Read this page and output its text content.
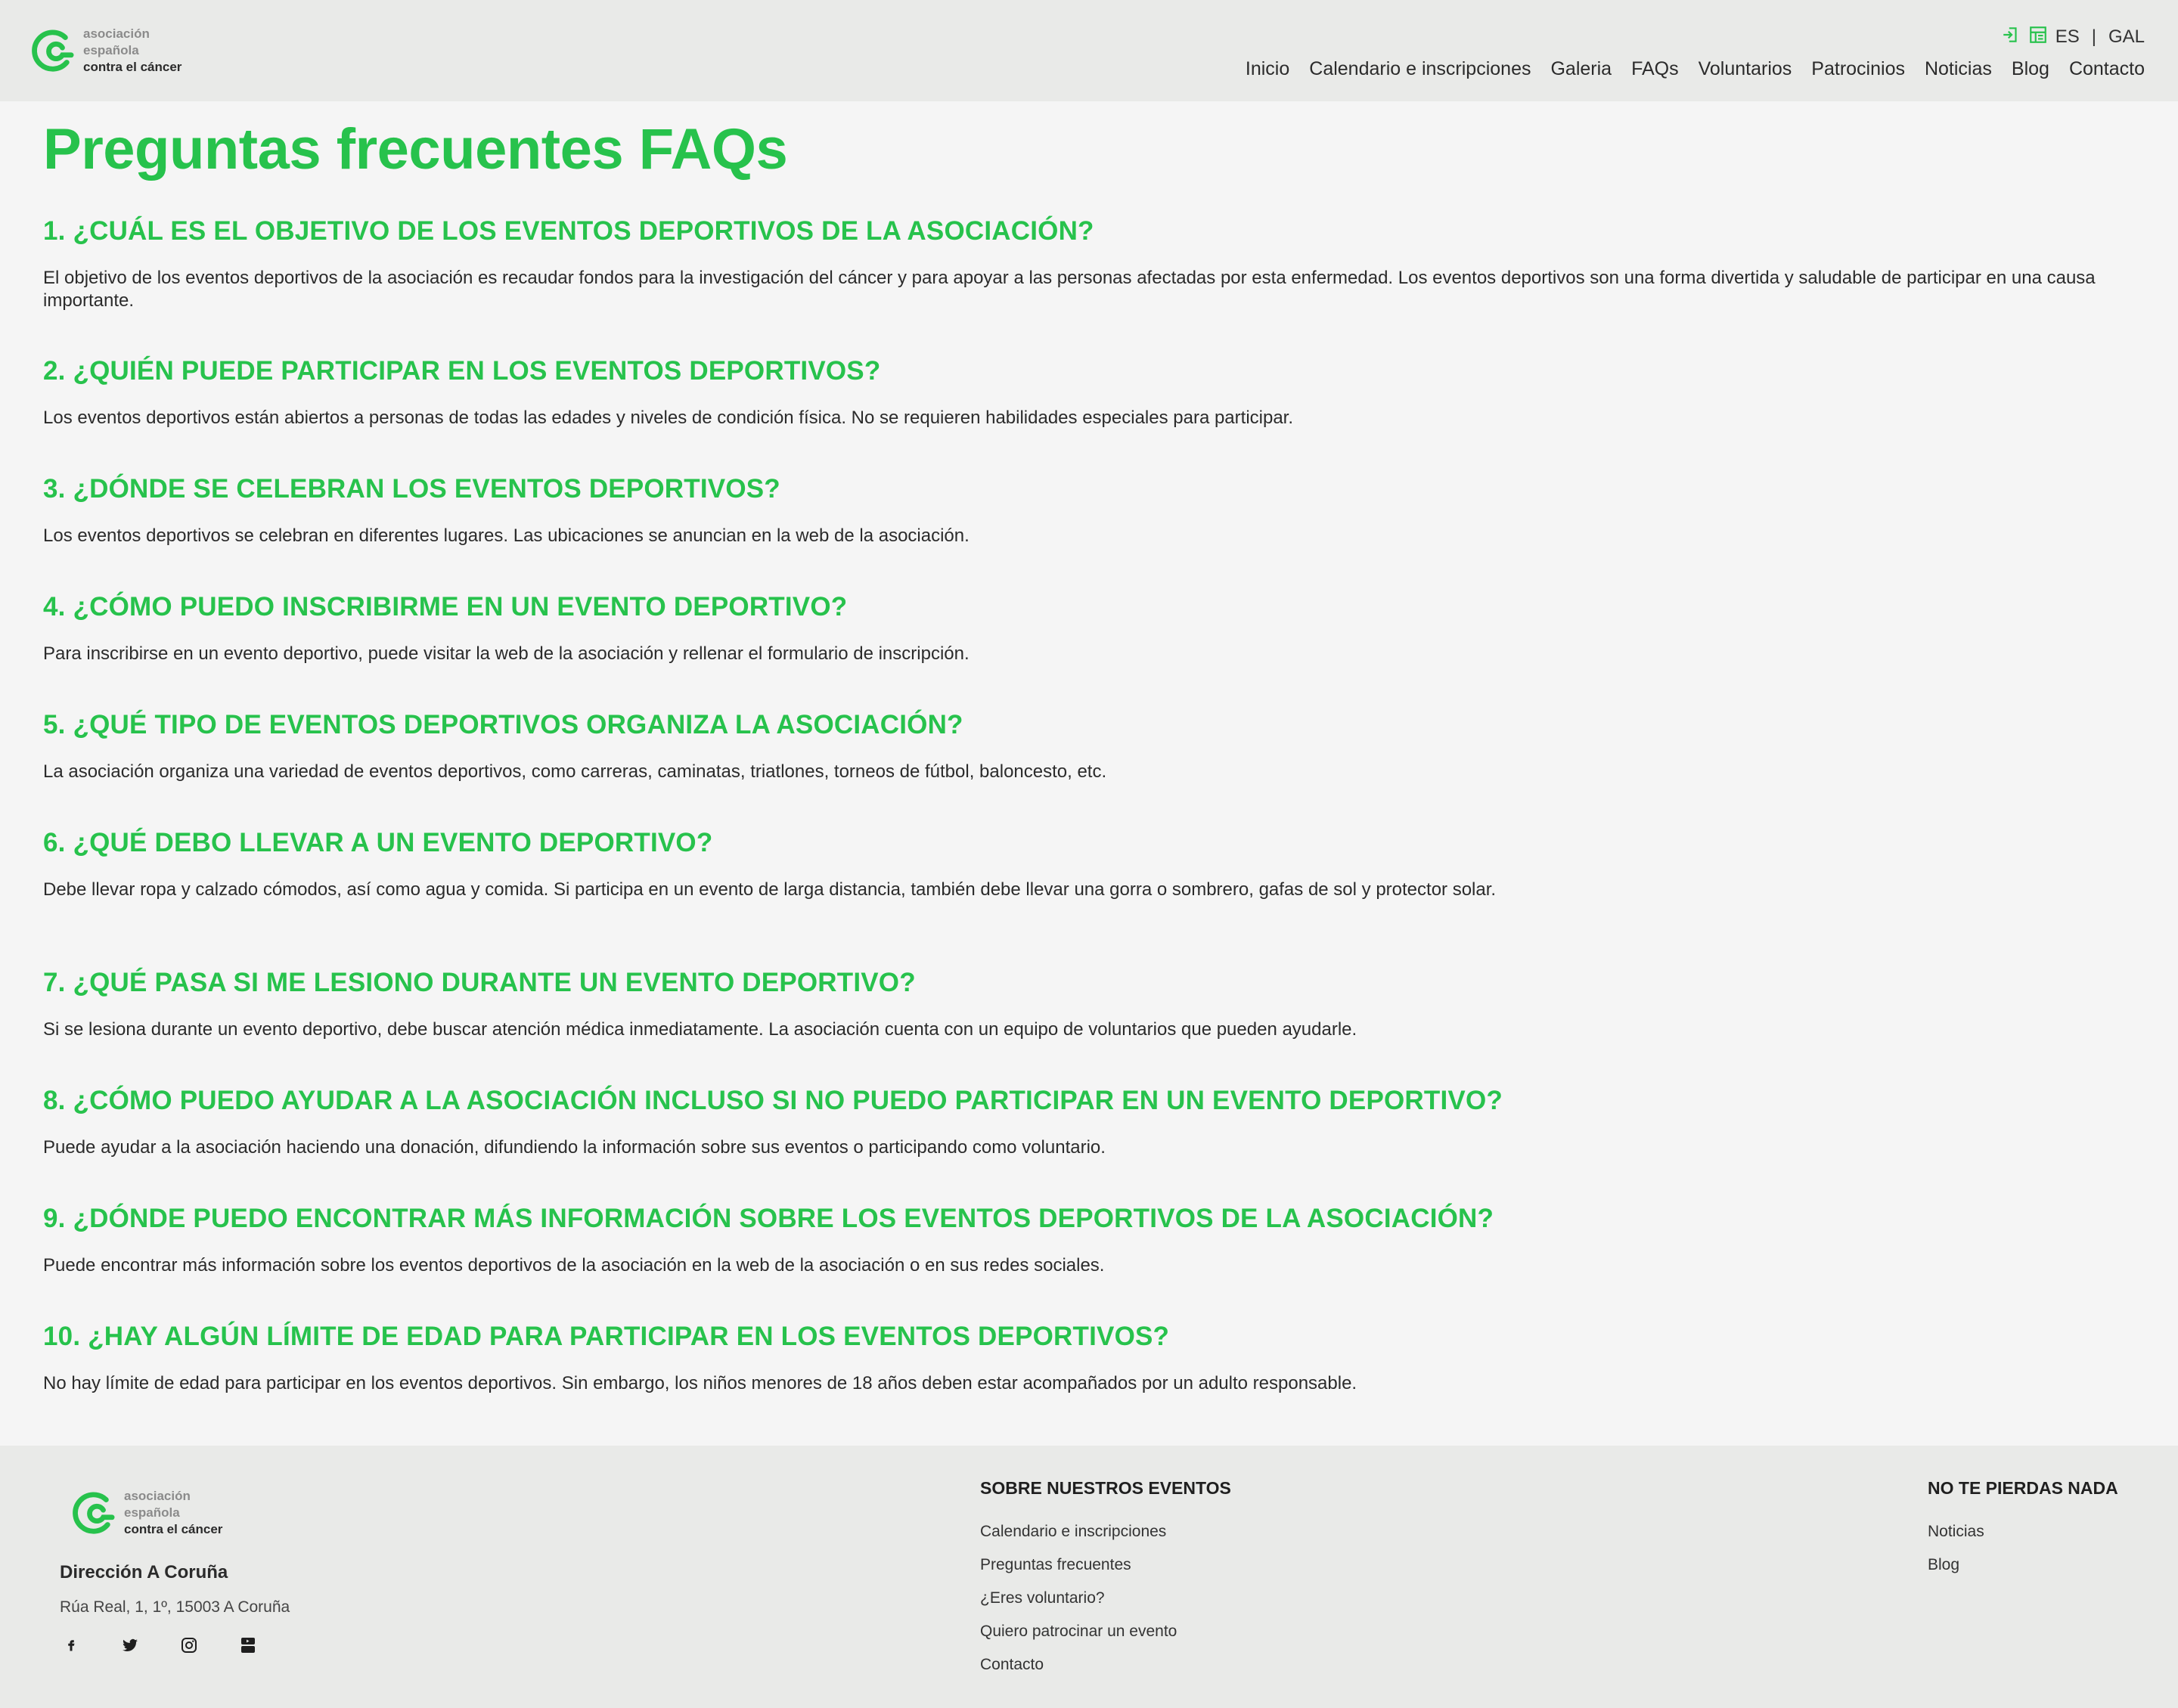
asociación
española
contra el cáncer
ES | GAL
Inicio Calendario e inscripciones Galeria FAQs Voluntarios Patrocinios Noticias Blog Contacto
Preguntas frecuentes FAQs
1. ¿CUÁL ES EL OBJETIVO DE LOS EVENTOS DEPORTIVOS DE LA ASOCIACIÓN?

El objetivo de los eventos deportivos de la asociación es recaudar fondos para la investigación del cáncer y para apoyar a las personas afectadas por esta enfermedad. Los eventos deportivos son una forma divertida y saludable de participar en una causa importante.

2. ¿QUIÉN PUEDE PARTICIPAR EN LOS EVENTOS DEPORTIVOS?

Los eventos deportivos están abiertos a personas de todas las edades y niveles de condición física. No se requieren habilidades especiales para participar.

3. ¿DÓNDE SE CELEBRAN LOS EVENTOS DEPORTIVOS?

Los eventos deportivos se celebran en diferentes lugares. Las ubicaciones se anuncian en la web de la asociación.

4. ¿CÓMO PUEDO INSCRIBIRME EN UN EVENTO DEPORTIVO?

Para inscribirse en un evento deportivo, puede visitar la web de la asociación y rellenar el formulario de inscripción.

5. ¿QUÉ TIPO DE EVENTOS DEPORTIVOS ORGANIZA LA ASOCIACIÓN?

La asociación organiza una variedad de eventos deportivos, como carreras, caminatas, triatlones, torneos de fútbol, baloncesto, etc.

6. ¿QUÉ DEBO LLEVAR A UN EVENTO DEPORTIVO?

Debe llevar ropa y calzado cómodos, así como agua y comida. Si participa en un evento de larga distancia, también debe llevar una gorra o sombrero, gafas de sol y protector solar.

7. ¿QUÉ PASA SI ME LESIONO DURANTE UN EVENTO DEPORTIVO?

Si se lesiona durante un evento deportivo, debe buscar atención médica inmediatamente. La asociación cuenta con un equipo de voluntarios que pueden ayudarle.

8. ¿CÓMO PUEDO AYUDAR A LA ASOCIACIÓN INCLUSO SI NO PUEDO PARTICIPAR EN UN EVENTO DEPORTIVO?

Puede ayudar a la asociación haciendo una donación, difundiendo la información sobre sus eventos o participando como voluntario.

9. ¿DÓNDE PUEDO ENCONTRAR MÁS INFORMACIÓN SOBRE LOS EVENTOS DEPORTIVOS DE LA ASOCIACIÓN?

Puede encontrar más información sobre los eventos deportivos de la asociación en la web de la asociación o en sus redes sociales.

10. ¿HAY ALGÚN LÍMITE DE EDAD PARA PARTICIPAR EN LOS EVENTOS DEPORTIVOS?

No hay límite de edad para participar en los eventos deportivos. Sin embargo, los niños menores de 18 años deben estar acompañados por un adulto responsable.

asociación
española
contra el cáncer
Dirección A Coruña
Rúa Real, 1, 1º, 15003 A Coruña
SOBRE NUESTROS EVENTOS
Calendario e inscripciones
Preguntas frecuentes
¿Eres voluntario?
Quiero patrocinar un evento
Contacto
NO TE PIERDAS NADA
Noticias
Blog
